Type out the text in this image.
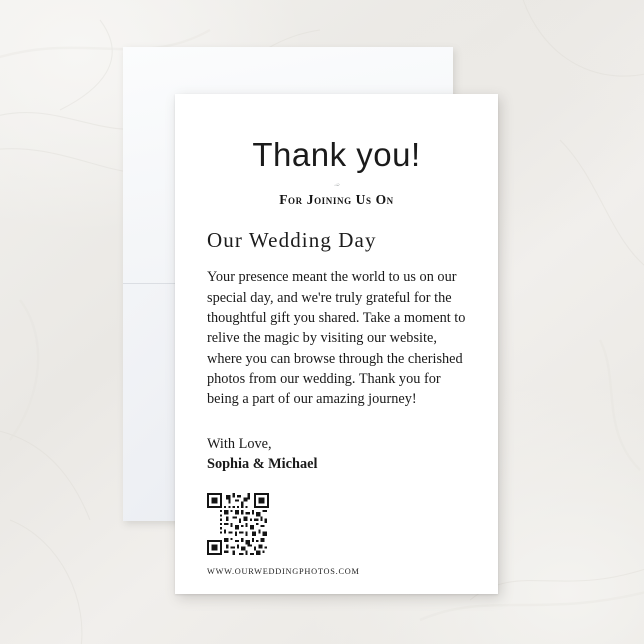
Thank you!
For Joining Us On
Our Wedding Day
Your presence meant the world to us on our special day, and we're truly grateful for the thoughtful gift you shared. Take a moment to relive the magic by visiting our website, where you can browse through the cherished photos from our wedding. Thank you for being a part of our amazing journey!
With Love,
Sophia & Michael
WWW.OURWEDDINGPHOTOS.COM
